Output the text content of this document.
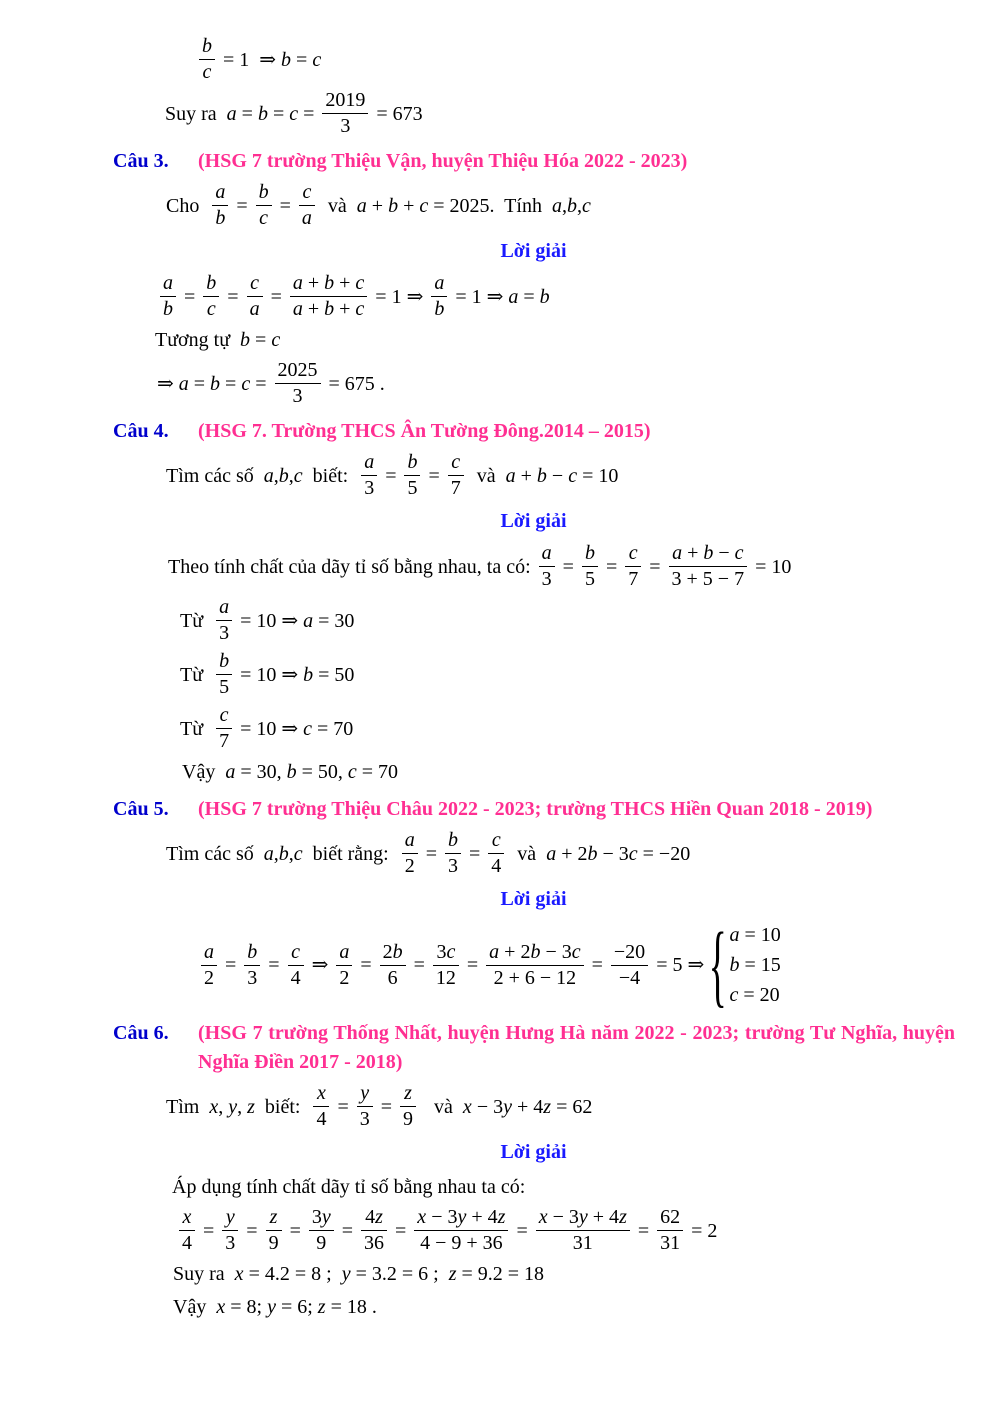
$\frac{b}{c} = 1$  ⇒ b = c
Suy ra $a = b = c = \frac{2019}{3} = 673$
Câu 3.	(HSG 7 trường Thiệu Vận, huyện Thiệu Hóa 2022 - 2023)
Cho $\frac{a}{b} = \frac{b}{c} = \frac{c}{a}$ và a + b + c = 2025. Tính a,b,c
Lời giải
$\frac{a}{b} = \frac{b}{c} = \frac{c}{a} = \frac{a + b + c}{a + b + c} = 1$ ⇒ $\frac{a}{b} = 1$ ⇒ a = b
Tương tự b = c
⇒ $a = b = c = \frac{2025}{3} = 675$ .
Câu 4.	(HSG 7. Trường THCS Ân Tường Đông.2014 – 2015)
Tìm các số a,b,c biết: $\frac{a}{3} = \frac{b}{5} = \frac{c}{7}$ và a + b − c = 10
Lời giải
Theo tính chất của dãy tỉ số bằng nhau, ta có: $\frac{a}{3} = \frac{b}{5} = \frac{c}{7} = \frac{a + b - c}{3 + 5 - 7} = 10$
Từ $\frac{a}{3} = 10$ ⇒ a = 30
Từ $\frac{b}{5} = 10$ ⇒ b = 50
Từ $\frac{c}{7} = 10$ ⇒ c = 70
Vậy a = 30, b = 50, c = 70
Câu 5.	(HSG 7 trường Thiệu Châu 2022 - 2023; trường THCS Hiền Quan 2018 - 2019)
Tìm các số a,b,c biết rằng: $\frac{a}{2} = \frac{b}{3} = \frac{c}{4}$ và a + 2b − 3c = −20
Lời giải
$\frac{a}{2} = \frac{b}{3} = \frac{c}{4}$ ⇒ $\frac{a}{2} = \frac{2b}{6} = \frac{3c}{12} = \frac{a + 2b - 3c}{2 + 6 - 12} = \frac{-20}{-4} = 5$ ⇒ { a = 10
b = 15
c = 20
Câu 6.	(HSG 7 trường Thống Nhất, huyện Hưng Hà năm 2022 - 2023; trường Tư Nghĩa, huyện Nghĩa Điền 2017 - 2018)
Tìm x, y, z biết: $\frac{x}{4} = \frac{y}{3} = \frac{z}{9}$ và x − 3y + 4z = 62
Lời giải
Áp dụng tính chất dãy tỉ số bằng nhau ta có:
$\frac{x}{4} = \frac{y}{3} = \frac{z}{9} = \frac{3y}{9} = \frac{4z}{36} = \frac{x - 3y + 4z}{4 - 9 + 36} = \frac{x - 3y + 4z}{31} = \frac{62}{31} = 2$
Suy ra x = 4.2 = 8 ; y = 3.2 = 6 ; z = 9.2 = 18
Vậy x = 8; y = 6; z = 18 .
